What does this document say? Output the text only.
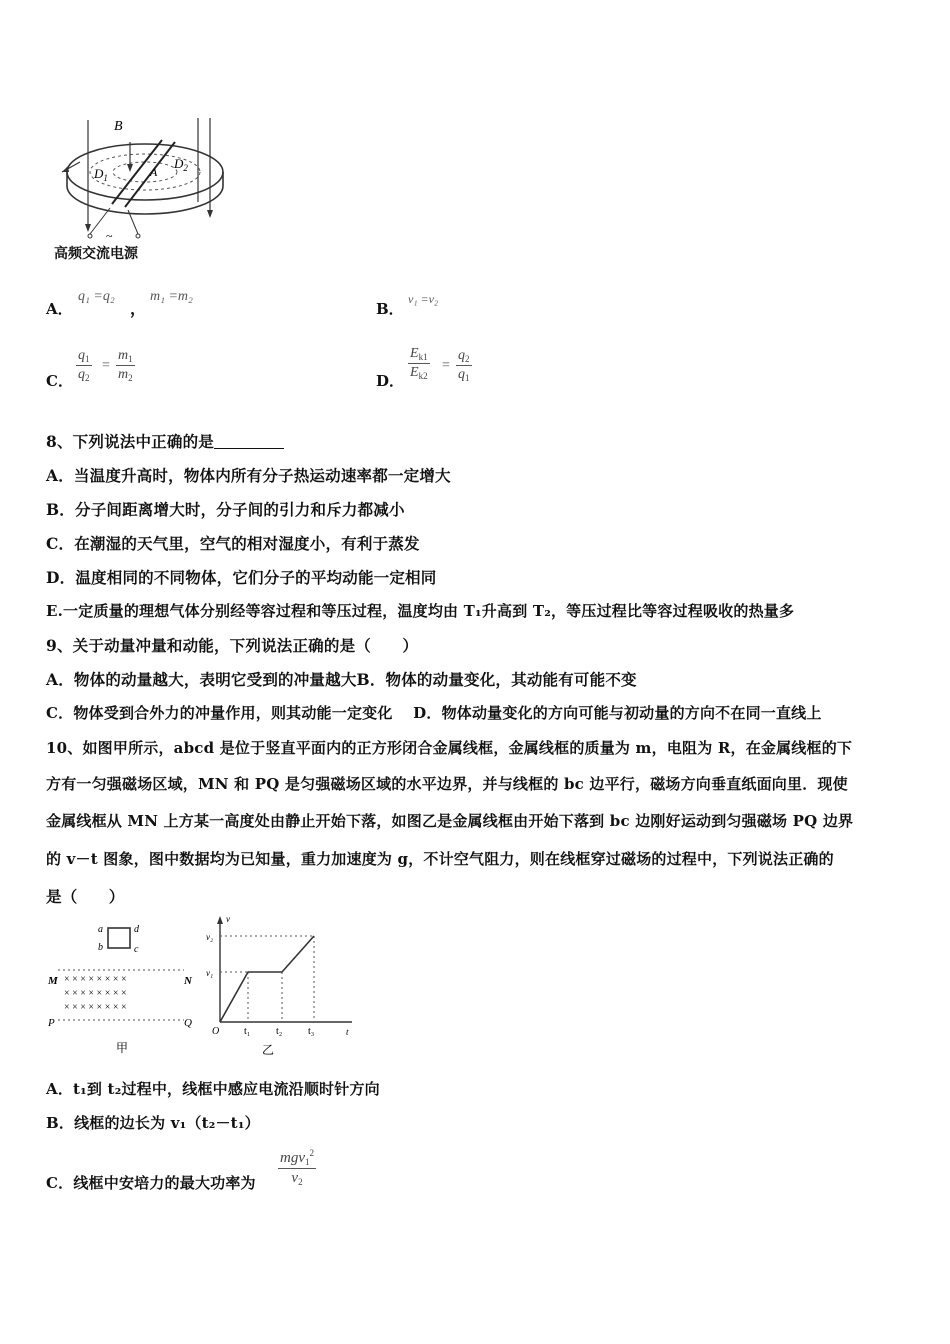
B
$D_1$
$D_2$
A
~
高频交流电源
A．
q₁ =q₂
，
m₁ =m₂
B．
v₁ =v₂
C．
$q_1$
$q_2$
=
$m_1$
$m_2$	D．
$E_{k1}$
$E_{k2}$
=
$q_2$
$q_1$
8、下列说法中正确的是
A．当温度升高时，物体内所有分子热运动速率都一定增大
B．分子间距离增大时，分子间的引力和斥力都减小
C．在潮湿的天气里，空气的相对湿度小，有利于蒸发
D．温度相同的不同物体，它们分子的平均动能一定相同
E.一定质量的理想气体分别经等容过程和等压过程，温度均由 T₁升高到 T₂，等压过程比等容过程吸收的热量多
9、关于动量冲量和动能，下列说法正确的是（　　）
A．物体的动量越大，表明它受到的冲量越大B．物体的动量变化，其动能有可能不变
C．物体受到合外力的冲量作用，则其动能一定变化　 D．物体动量变化的方向可能与初动量的方向不在同一直线上
10、如图甲所示，abcd 是位于竖直平面内的正方形闭合金属线框，金属线框的质量为 m，电阻为 R，在金属线框的下
方有一匀强磁场区域，MN 和 PQ 是匀强磁场区域的水平边界，并与线框的 bc 边平行，磁场方向垂直纸面向里．现使
金属线框从 MN 上方某一高度处由静止开始下落，如图乙是金属线框由开始下落到 bc 边刚好运动到匀强磁场 PQ 边界
的 v－t 图象，图中数据均为已知量，重力加速度为 g，不计空气阻力，则在线框穿过磁场的过程中，下列说法正确的
是（　　）
a	d
b	c
M	N
P	Q
× × × × × × × ×
× × × × × × × ×
× × × × × × × ×
甲
v
t
O
v₂
v₁
t₁	t₂	t₃
乙
A．t₁到 t₂过程中，线框中感应电流沿顺时针方向
B．线框的边长为 v₁（t₂－t₁）
C．线框中安培力的最大功率为
mgv$_1^2$
$v_2$
